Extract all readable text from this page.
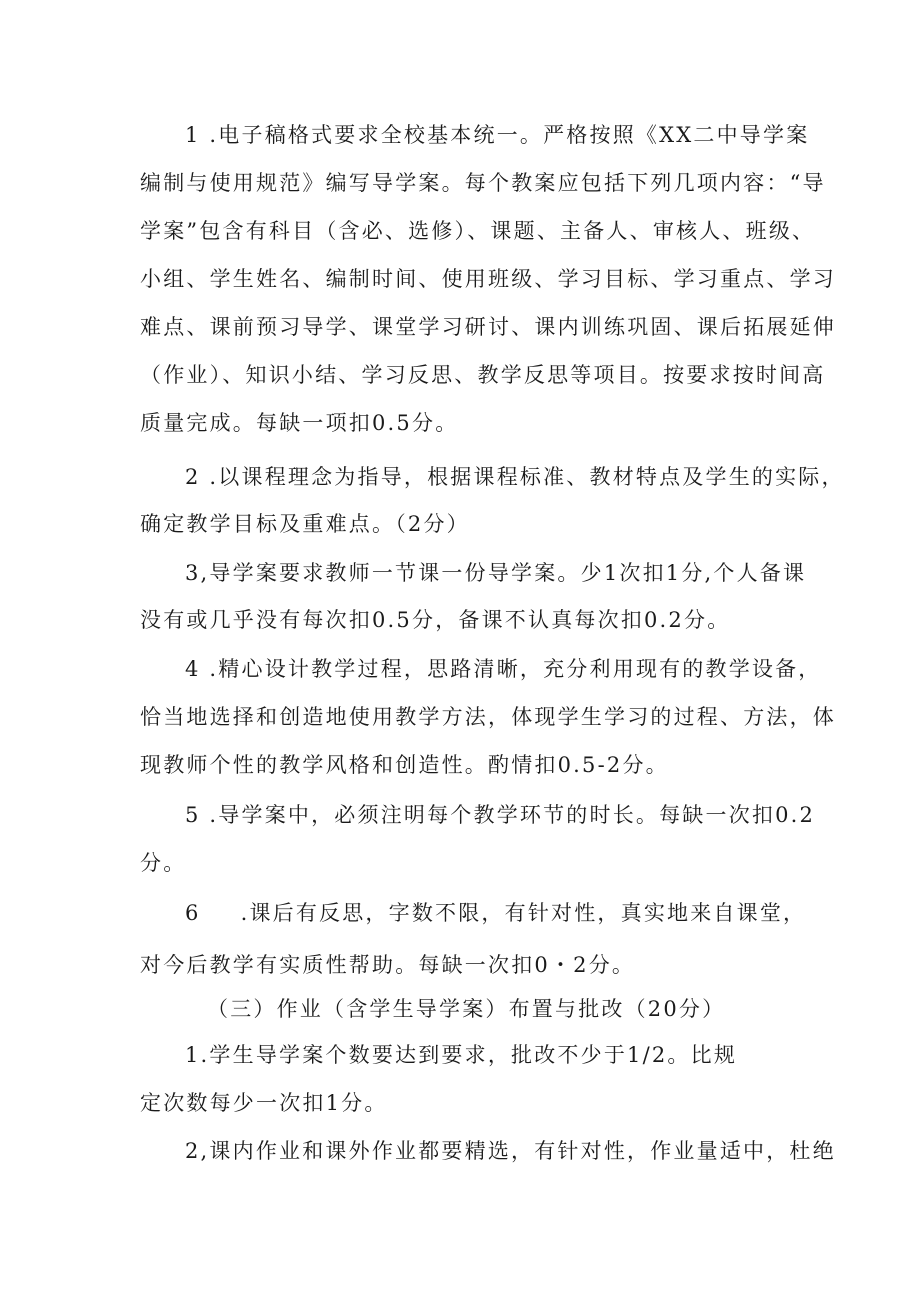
1 .电子稿格式要求全校基本统一。严格按照《XX二中导学案
编制与使用规范》编写导学案。每个教案应包括下列几项内容：“导
学案”包含有科目（含必、选修）、课题、主备人、审核人、班级、
小组、学生姓名、编制时间、使用班级、学习目标、学习重点、学习
难点、课前预习导学、课堂学习研讨、课内训练巩固、课后拓展延伸
（作业）、知识小结、学习反思、教学反思等项目。按要求按时间高
质量完成。每缺一项扣0.5分。
2 .以课程理念为指导，根据课程标准、教材特点及学生的实际，
确定教学目标及重难点。（2分）
3,导学案要求教师一节课一份导学案。少1次扣1分,个人备课
没有或几乎没有每次扣0.5分，备课不认真每次扣0.2分。
4 .精心设计教学过程，思路清晰，充分利用现有的教学设备，
恰当地选择和创造地使用教学方法，体现学生学习的过程、方法，体
现教师个性的教学风格和创造性。酌情扣0.5-2分。
5 .导学案中，必须注明每个教学环节的时长。每缺一次扣0.2
分。
6 .课后有反思，字数不限，有针对性，真实地来自课堂，
对今后教学有实质性帮助。每缺一次扣0・2分。
（三）作业（含学生导学案）布置与批改（20分）
1.学生导学案个数要达到要求，批改不少于1/2。比规
定次数每少一次扣1分。
2,课内作业和课外作业都要精选，有针对性，作业量适中，杜绝
